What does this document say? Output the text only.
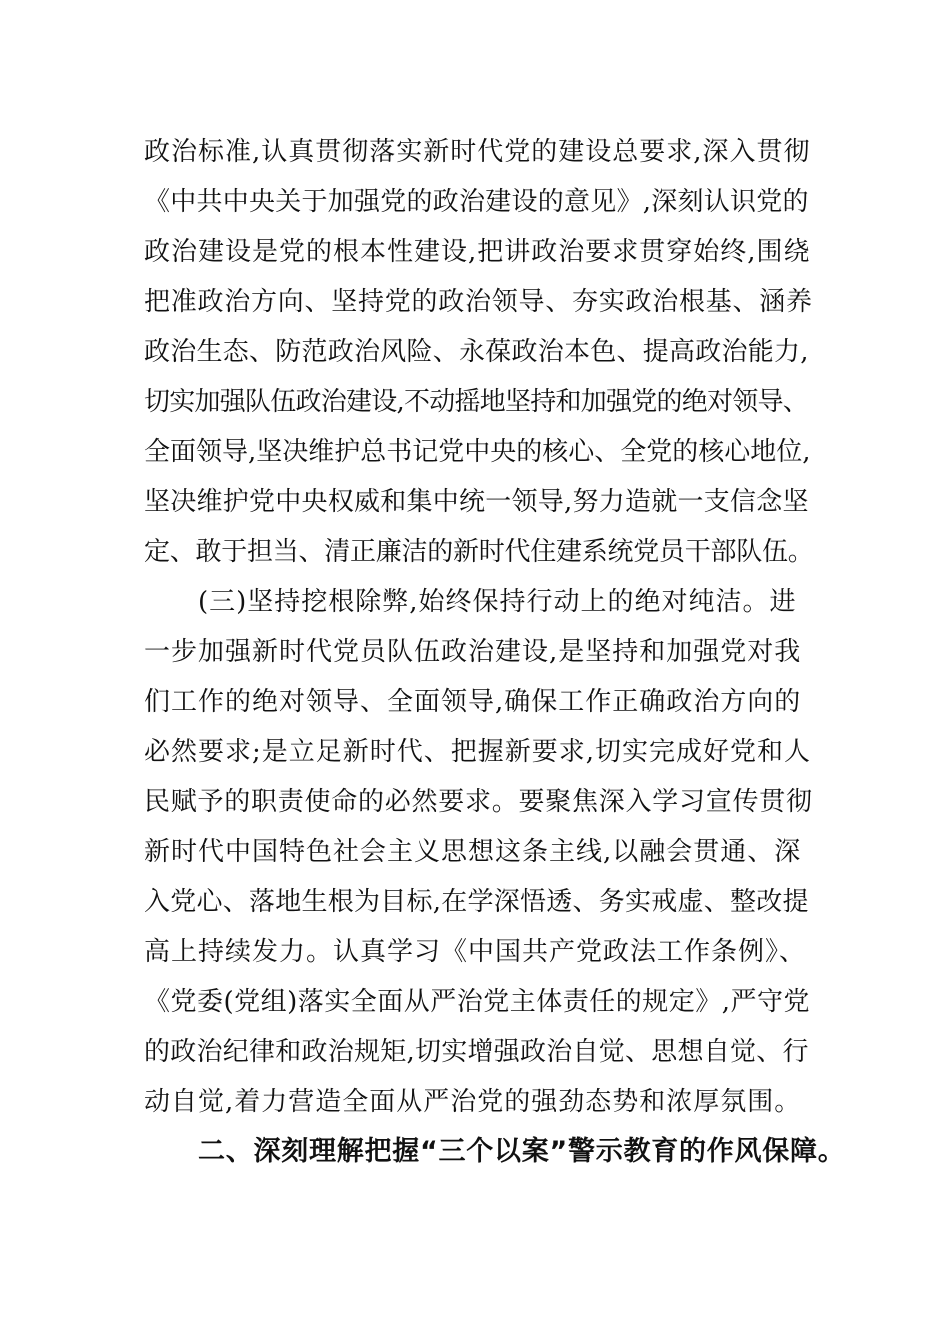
政治标准,认真贯彻落实新时代党的建设总要求,深入贯彻
《中共中央关于加强党的政治建设的意见》,深刻认识党的
政治建设是党的根本性建设,把讲政治要求贯穿始终,围绕
把准政治方向、坚持党的政治领导、夯实政治根基、涵养
政治生态、防范政治风险、永葆政治本色、提高政治能力,
切实加强队伍政治建设,不动摇地坚持和加强党的绝对领导、
全面领导,坚决维护总书记党中央的核心、全党的核心地位,
坚决维护党中央权威和集中统一领导,努力造就一支信念坚
定、敢于担当、清正廉洁的新时代住建系统党员干部队伍。
(三)坚持挖根除弊,始终保持行动上的绝对纯洁。进
一步加强新时代党员队伍政治建设,是坚持和加强党对我
们工作的绝对领导、全面领导,确保工作正确政治方向的
必然要求;是立足新时代、把握新要求,切实完成好党和人
民赋予的职责使命的必然要求。要聚焦深入学习宣传贯彻
新时代中国特色社会主义思想这条主线,以融会贯通、深
入党心、落地生根为目标,在学深悟透、务实戒虚、整改提
高上持续发力。认真学习《中国共产党政法工作条例》、
《党委(党组)落实全面从严治党主体责任的规定》,严守党
的政治纪律和政治规矩,切实增强政治自觉、思想自觉、行
动自觉,着力营造全面从严治党的强劲态势和浓厚氛围。
二、深刻理解把握“三个以案”警示教育的作风保障。
